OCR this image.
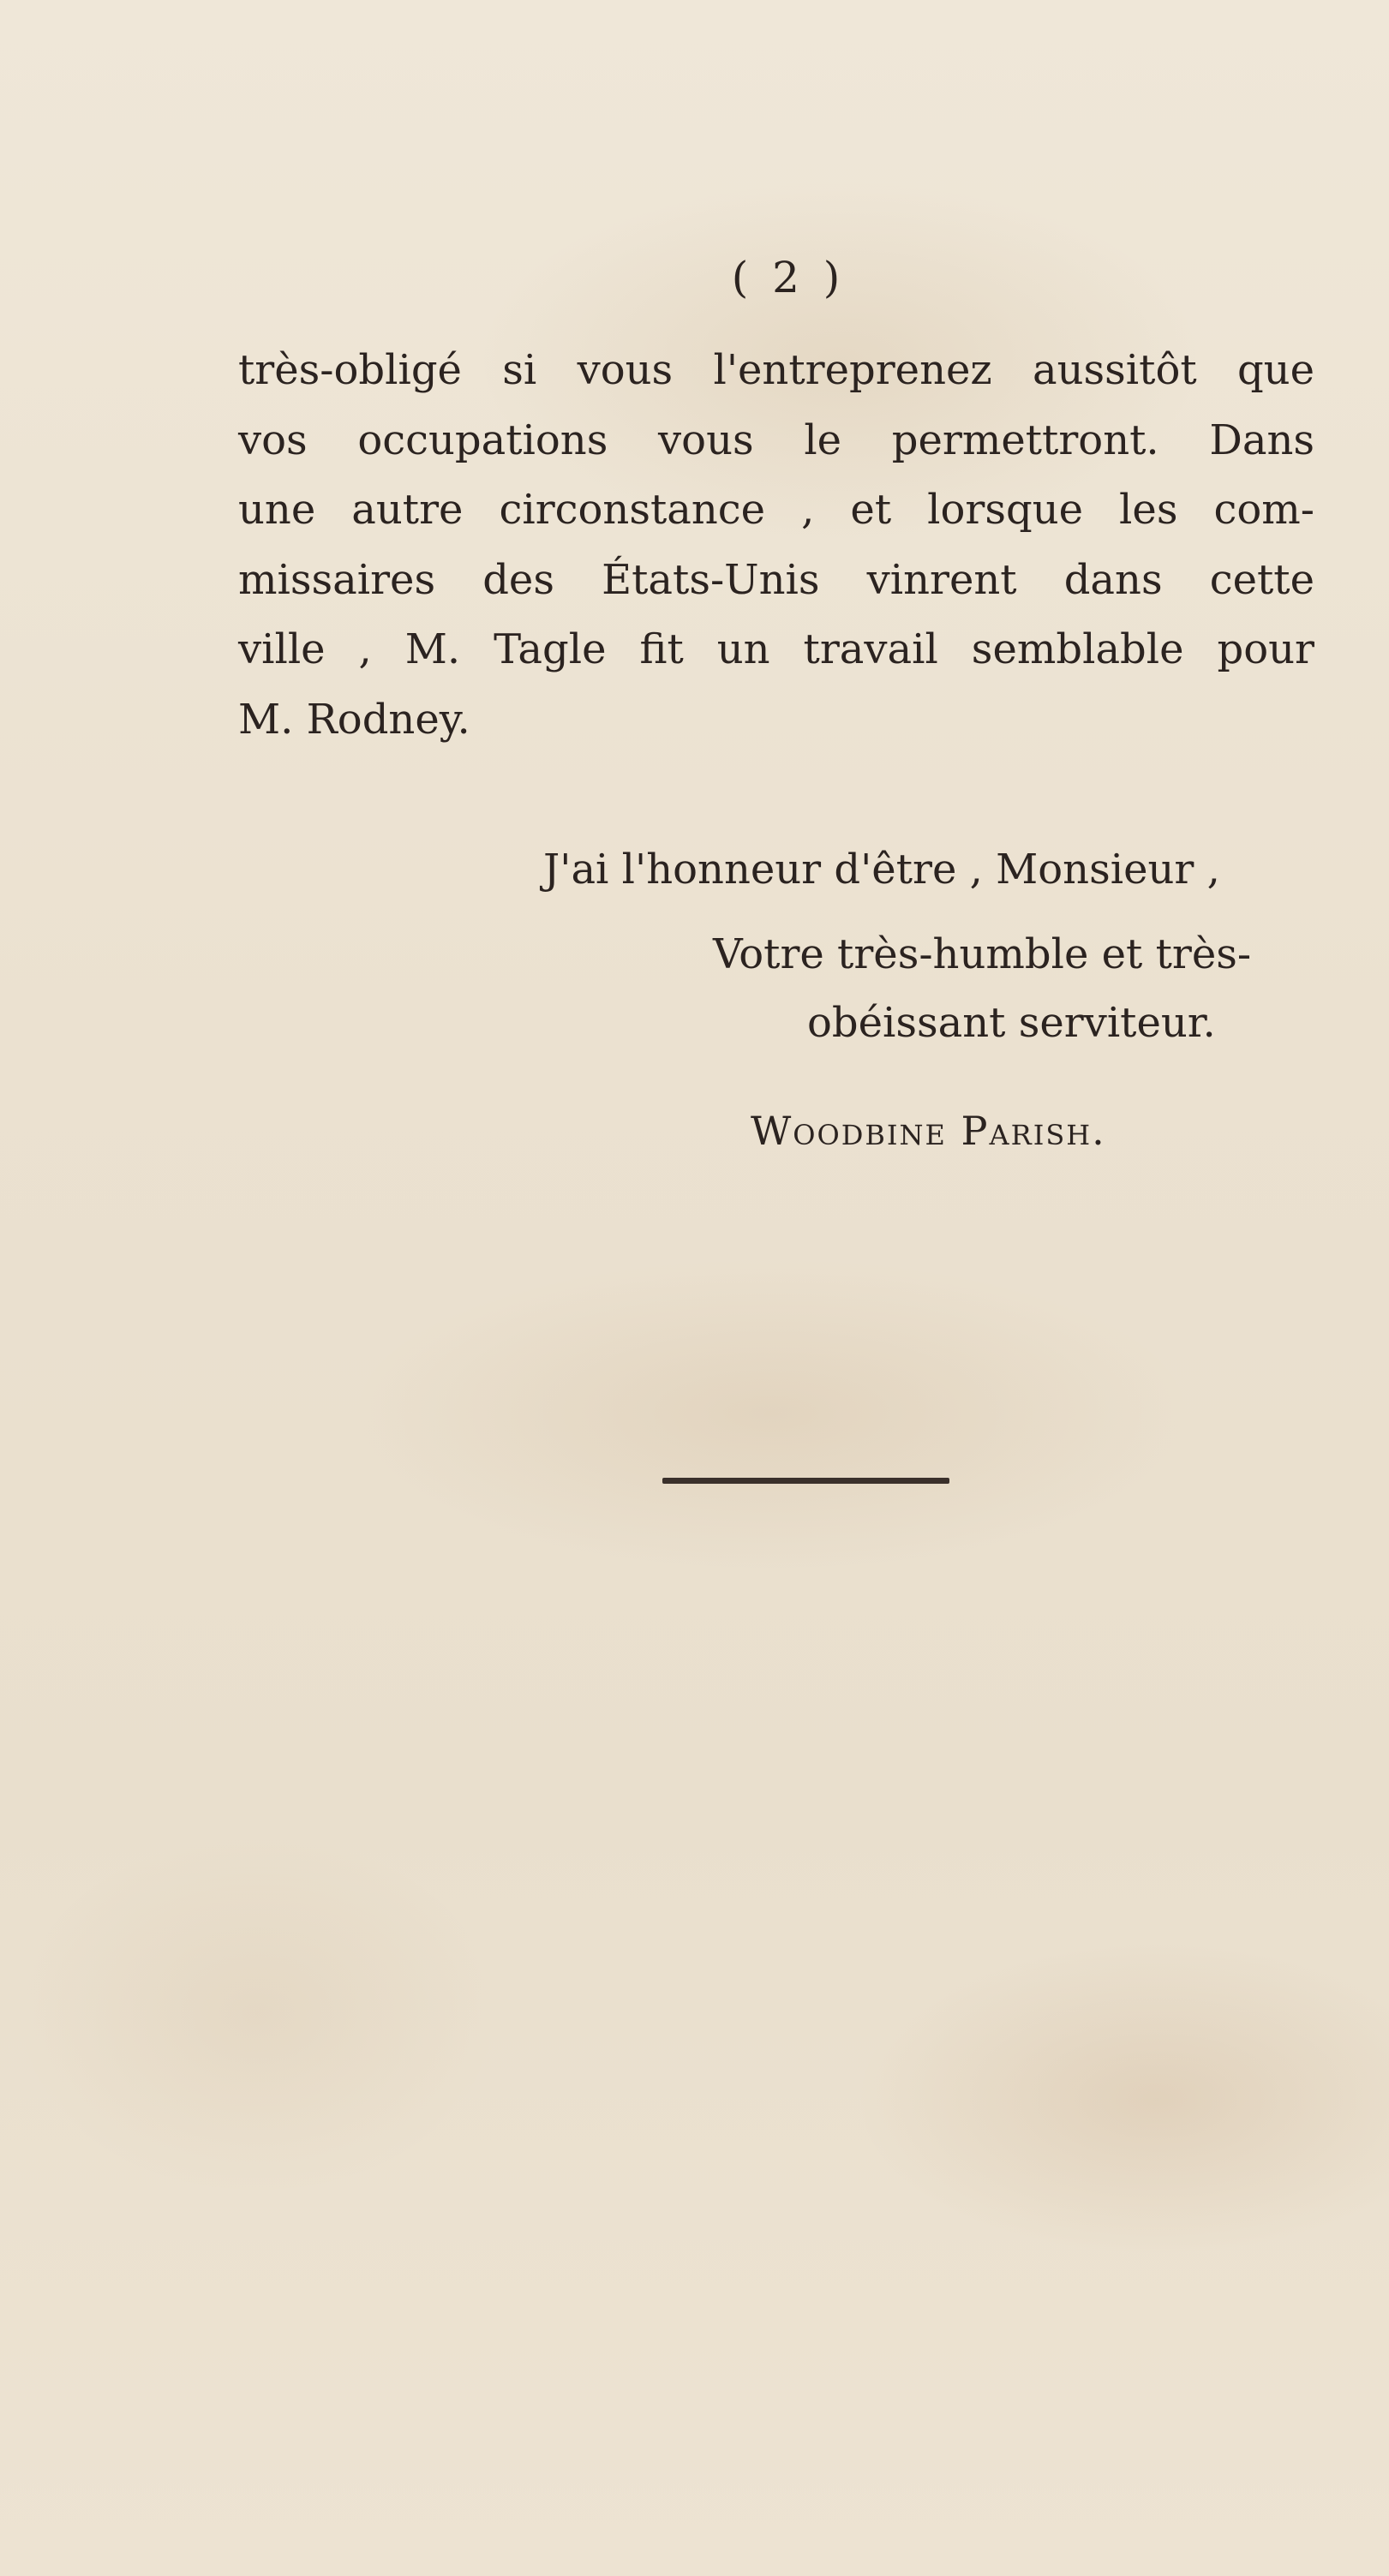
( 2 )

très-obligé si vous l'entreprenez aussitôt que
vos occupations vous le permettront. Dans
une autre circonstance , et lorsque les com-
missaires des États-Unis vinrent dans cette
ville , M. Tagle fit un travail semblable pour
M. Rodney.

J'ai l'honneur d'être , Monsieur ,
Votre très-humble et très-
obéissant serviteur.
Woodbine Parish.
